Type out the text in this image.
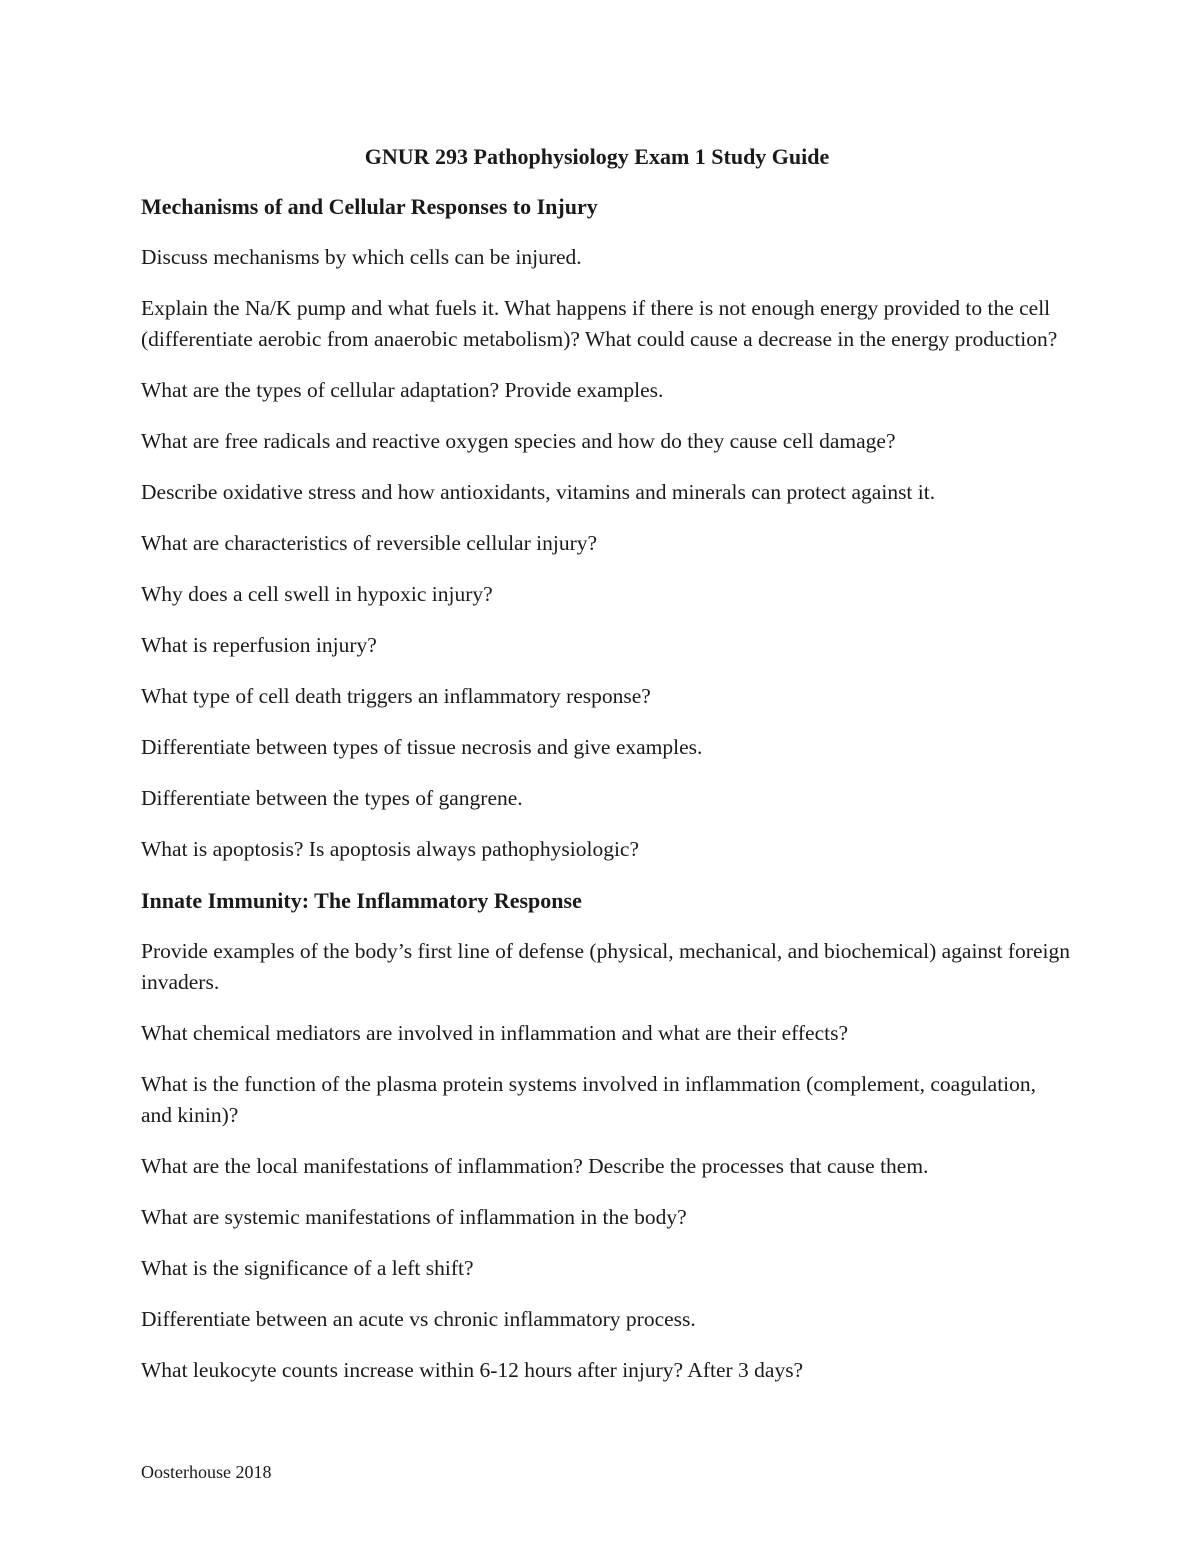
GNUR 293 Pathophysiology Exam 1 Study Guide
Mechanisms of and Cellular Responses to Injury
Discuss mechanisms by which cells can be injured.
Explain the Na/K pump and what fuels it. What happens if there is not enough energy provided to the cell (differentiate aerobic from anaerobic metabolism)? What could cause a decrease in the energy production?
What are the types of cellular adaptation? Provide examples.
What are free radicals and reactive oxygen species and how do they cause cell damage?
Describe oxidative stress and how antioxidants, vitamins and minerals can protect against it.
What are characteristics of reversible cellular injury?
Why does a cell swell in hypoxic injury?
What is reperfusion injury?
What type of cell death triggers an inflammatory response?
Differentiate between types of tissue necrosis and give examples.
Differentiate between the types of gangrene.
What is apoptosis? Is apoptosis always pathophysiologic?
Innate Immunity: The Inflammatory Response
Provide examples of the body’s first line of defense (physical, mechanical, and biochemical) against foreign invaders.
What chemical mediators are involved in inflammation and what are their effects?
What is the function of the plasma protein systems involved in inflammation (complement, coagulation, and kinin)?
What are the local manifestations of inflammation? Describe the processes that cause them.
What are systemic manifestations of inflammation in the body?
What is the significance of a left shift?
Differentiate between an acute vs chronic inflammatory process.
What leukocyte counts increase within 6-12 hours after injury? After 3 days?
Oosterhouse 2018
